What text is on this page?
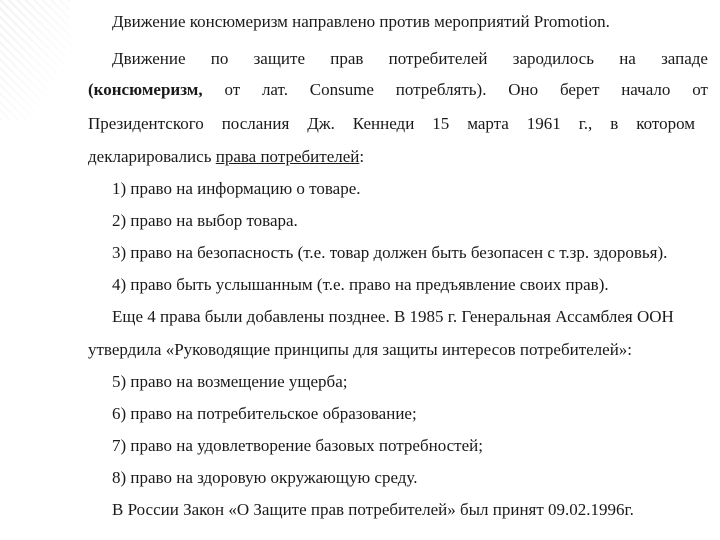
Движение консюмеризм направлено против мероприятий Promotion.
Движение по защите прав потребителей зародилось на западе
(консюмеризм, от лат. Consume потреблять). Оно берет начало от
Президентского послания Дж. Кеннеди 15 марта 1961 г., в котором
декларировались права потребителей:
1) право на информацию о товаре.
2) право на выбор товара.
3) право на безопасность (т.е. товар должен быть безопасен с т.зр. здоровья).
4) право быть услышанным (т.е. право на предъявление своих прав).
Еще 4 права были добавлены позднее. В 1985 г. Генеральная Ассамблея ООН
утвердила «Руководящие принципы для защиты интересов потребителей»:
5) право на возмещение ущерба;
6) право на потребительское образование;
7) право на удовлетворение базовых потребностей;
8) право на здоровую окружающую среду.
В России Закон «О Защите прав потребителей» был принят 09.02.1996г.
